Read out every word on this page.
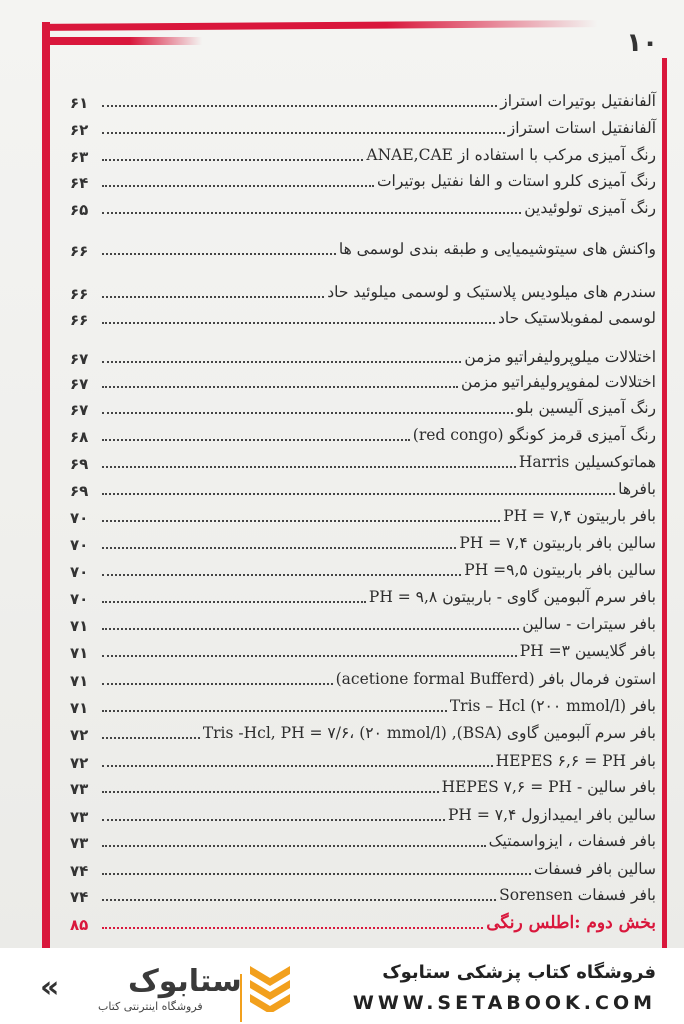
۱۰
آلفانفتیل بوتیرات استراز
۶۱
آلفانفتیل استات استراز
۶۲
رنگ آمیزی مرکب با استفاده از ANAE,CAE
۶۳
رنگ آمیزی کلرو استات و الفا نفتیل بوتیرات
۶۴
رنگ آمیزی تولوئیدین
۶۵
واکنش های سیتوشیمیایی و طبقه بندی لوسمی ها
۶۶
سندرم های میلودیس پلاستیک و لوسمی میلوئید حاد
۶۶
لوسمی لمفوبلاستیک حاد
۶۶
اختلالات میلوپرولیفراتیو مزمن
۶۷
اختلالات لمفوپرولیفراتیو مزمن
۶۷
رنگ آمیزی آلیسین بلو
۶۷
رنگ آمیزی قرمز کونگو (red congo)
۶۸
هماتوکسیلین Harris
۶۹
بافرها
۶۹
بافر باربیتون PH = ۷,۴
۷۰
سالین بافر باربیتون PH = ۷,۴
۷۰
سالین بافر باربیتون PH =۹,۵
۷۰
بافر سرم آلبومین گاوی - باربیتون PH = ۹,۸
۷۰
بافر سیترات - سالین
۷۱
بافر گلایسین ۳= PH
۷۱
استون فرمال بافر (acetione formal Bufferd)
۷۱
بافر Tris – Hcl (۲۰۰ mmol/l)
۷۱
بافر سرم آلبومین گاوی (BSA), Tris -Hcl, PH = ۷/۶، (۲۰ mmol/l)
۷۲
بافر HEPES ۶,۶ = PH
۷۲
بافر سالین - HEPES ۷,۶ = PH
۷۳
سالین بافر ایمیدازول PH = ۷,۴
۷۳
بافر فسفات ، ایزواسمتیک
۷۳
سالین بافر فسفات
۷۴
بافر فسفات Sorensen
۷۴
بخش دوم :اطلس رنگی
۸۵
فروشگاه کتاب پزشکی ستابوک
WWW.SETABOOK.COM
«	ستابوک
فروشگاه اینترنتی کتاب
